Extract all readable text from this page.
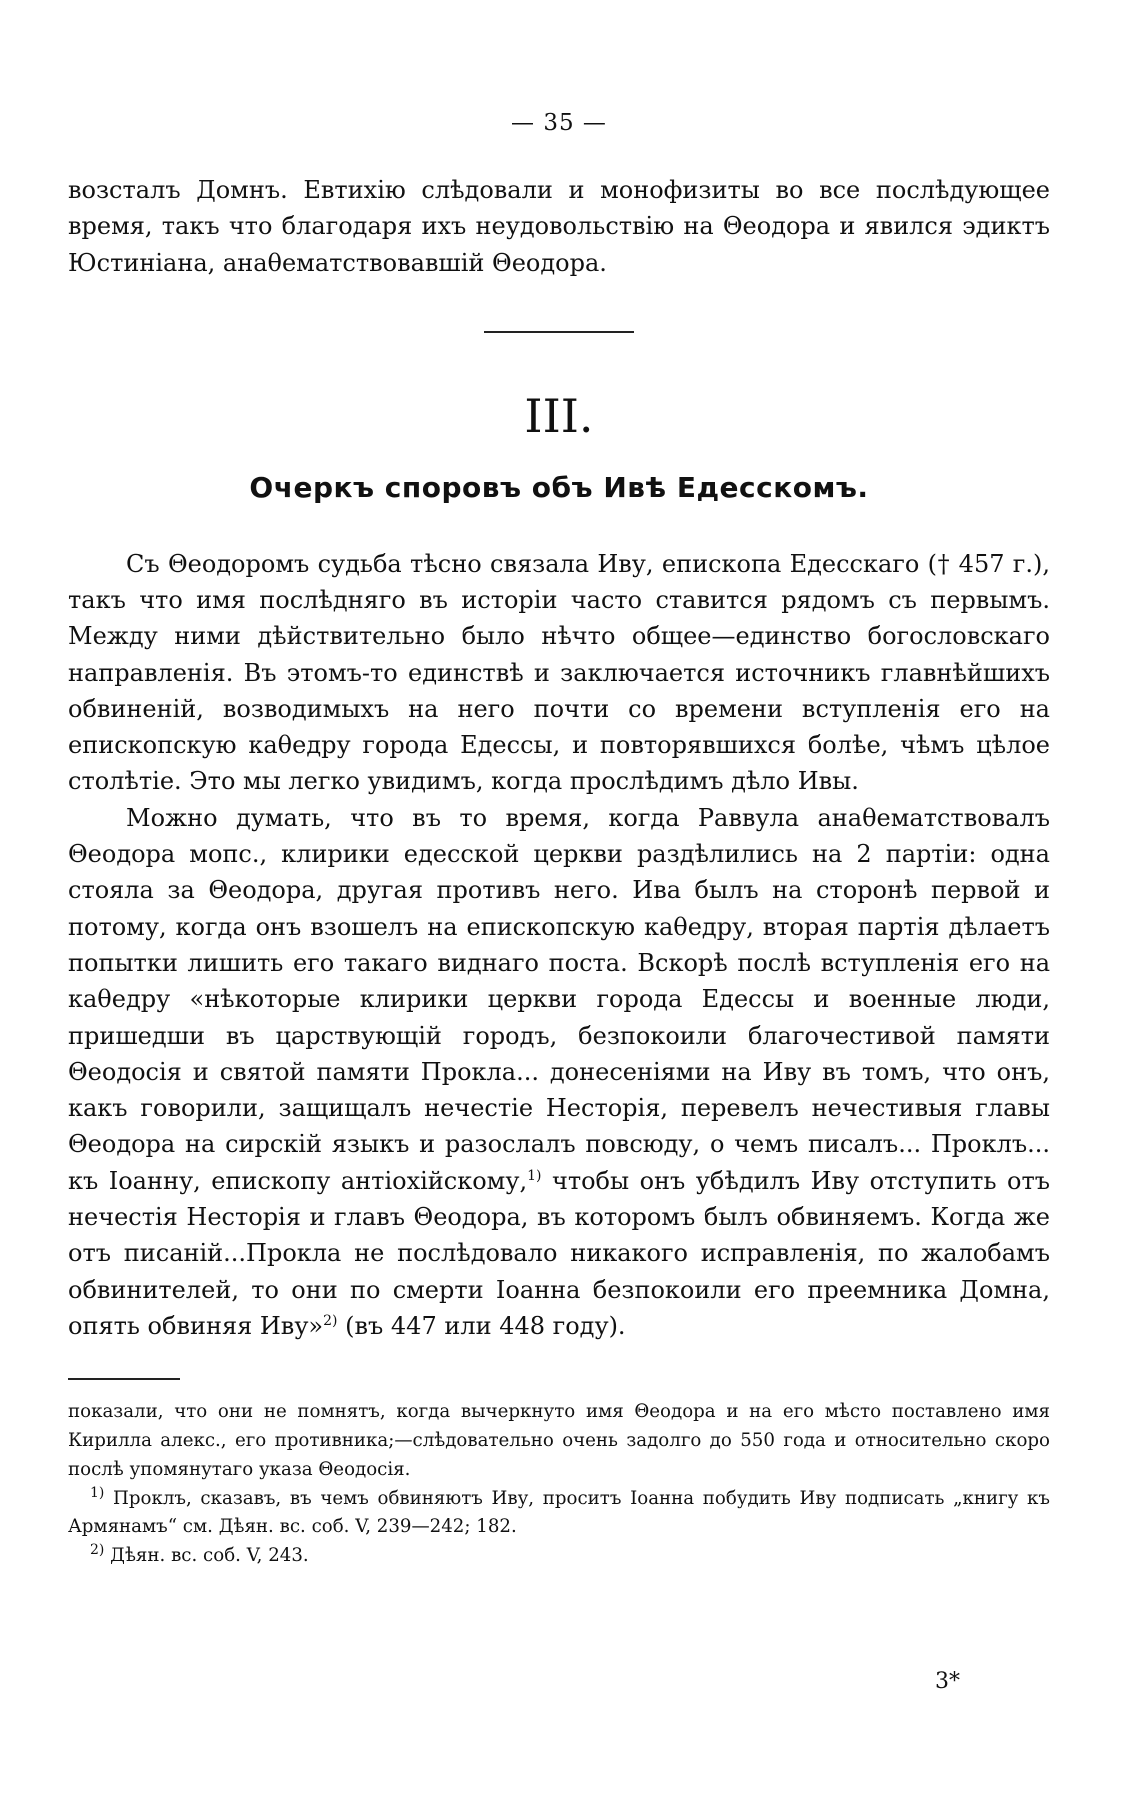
— 35 —

возсталъ Домнъ. Евтихію слѣдовали и монофизиты во все послѣдующее время, такъ что благодаря ихъ неудовольствію на Θеодора и явился эдиктъ Юстиніана, анаθематствовавшій Θеодора.

III.
Очеркъ споровъ объ Ивѣ Едесскомъ.

Съ Θеодоромъ судьба тѣсно связала Иву, епископа Едесскаго († 457 г.), такъ что имя послѣдняго въ исторіи часто ставится рядомъ съ первымъ. Между ними дѣйствительно было нѣчто общее—единство богословскаго направленія. Въ этомъ-то единствѣ и заключается источникъ главнѣйшихъ обвиненій, возводимыхъ на него почти со времени вступленія его на епископскую каθедру города Едессы, и повторявшихся болѣе, чѣмъ цѣлое столѣтіе. Это мы легко увидимъ, когда прослѣдимъ дѣло Ивы.

Можно думать, что въ то время, когда Раввула анаθематствовалъ Θеодора мопс., клирики едесской церкви раздѣлились на 2 партіи: одна стояла за Θеодора, другая противъ него. Ива былъ на сторонѣ первой и потому, когда онъ взошелъ на епископскую каθедру, вторая партія дѣлаетъ попытки лишить его такаго виднаго поста. Вскорѣ послѣ вступленія его на каθедру «нѣкоторые клирики церкви города Едессы и военные люди, пришедши въ царствующій городъ, безпокоили благочестивой памяти Θеодосія и святой памяти Прокла... донесеніями на Иву въ томъ, что онъ, какъ говорили, защищалъ нечестіе Несторія, перевелъ нечестивыя главы Θеодора на сирскій языкъ и разослалъ повсюду, о чемъ писалъ... Проклъ... къ Іоанну, епископу антіохійскому,$^{1)}$ чтобы онъ убѣдилъ Иву отступить отъ нечестія Несторія и главъ Θеодора, въ которомъ былъ обвиняемъ. Когда же отъ писаній...Прокла не послѣдовало никакого исправленія, по жалобамъ обвинителей, то они по смерти Іоанна безпокоили его преемника Домна, опять обвиняя Иву»$^{2)}$ (въ 447 или 448 году).

показали, что они не помнятъ, когда вычеркнуто имя Θеодора и на его мѣсто поставлено имя Кирилла алекс., его противника;—слѣдовательно очень задолго до 550 года и относительно скоро послѣ упомянутаго указа Θеодосія.

$^{1)}$ Проклъ, сказавъ, въ чемъ обвиняютъ Иву, проситъ Іоанна побудить Иву подписать „книгу къ Армянамъ“ см. Дѣян. вс. соб. V, 239—242; 182.

$^{2)}$ Дѣян. вс. соб. V, 243.

3*
